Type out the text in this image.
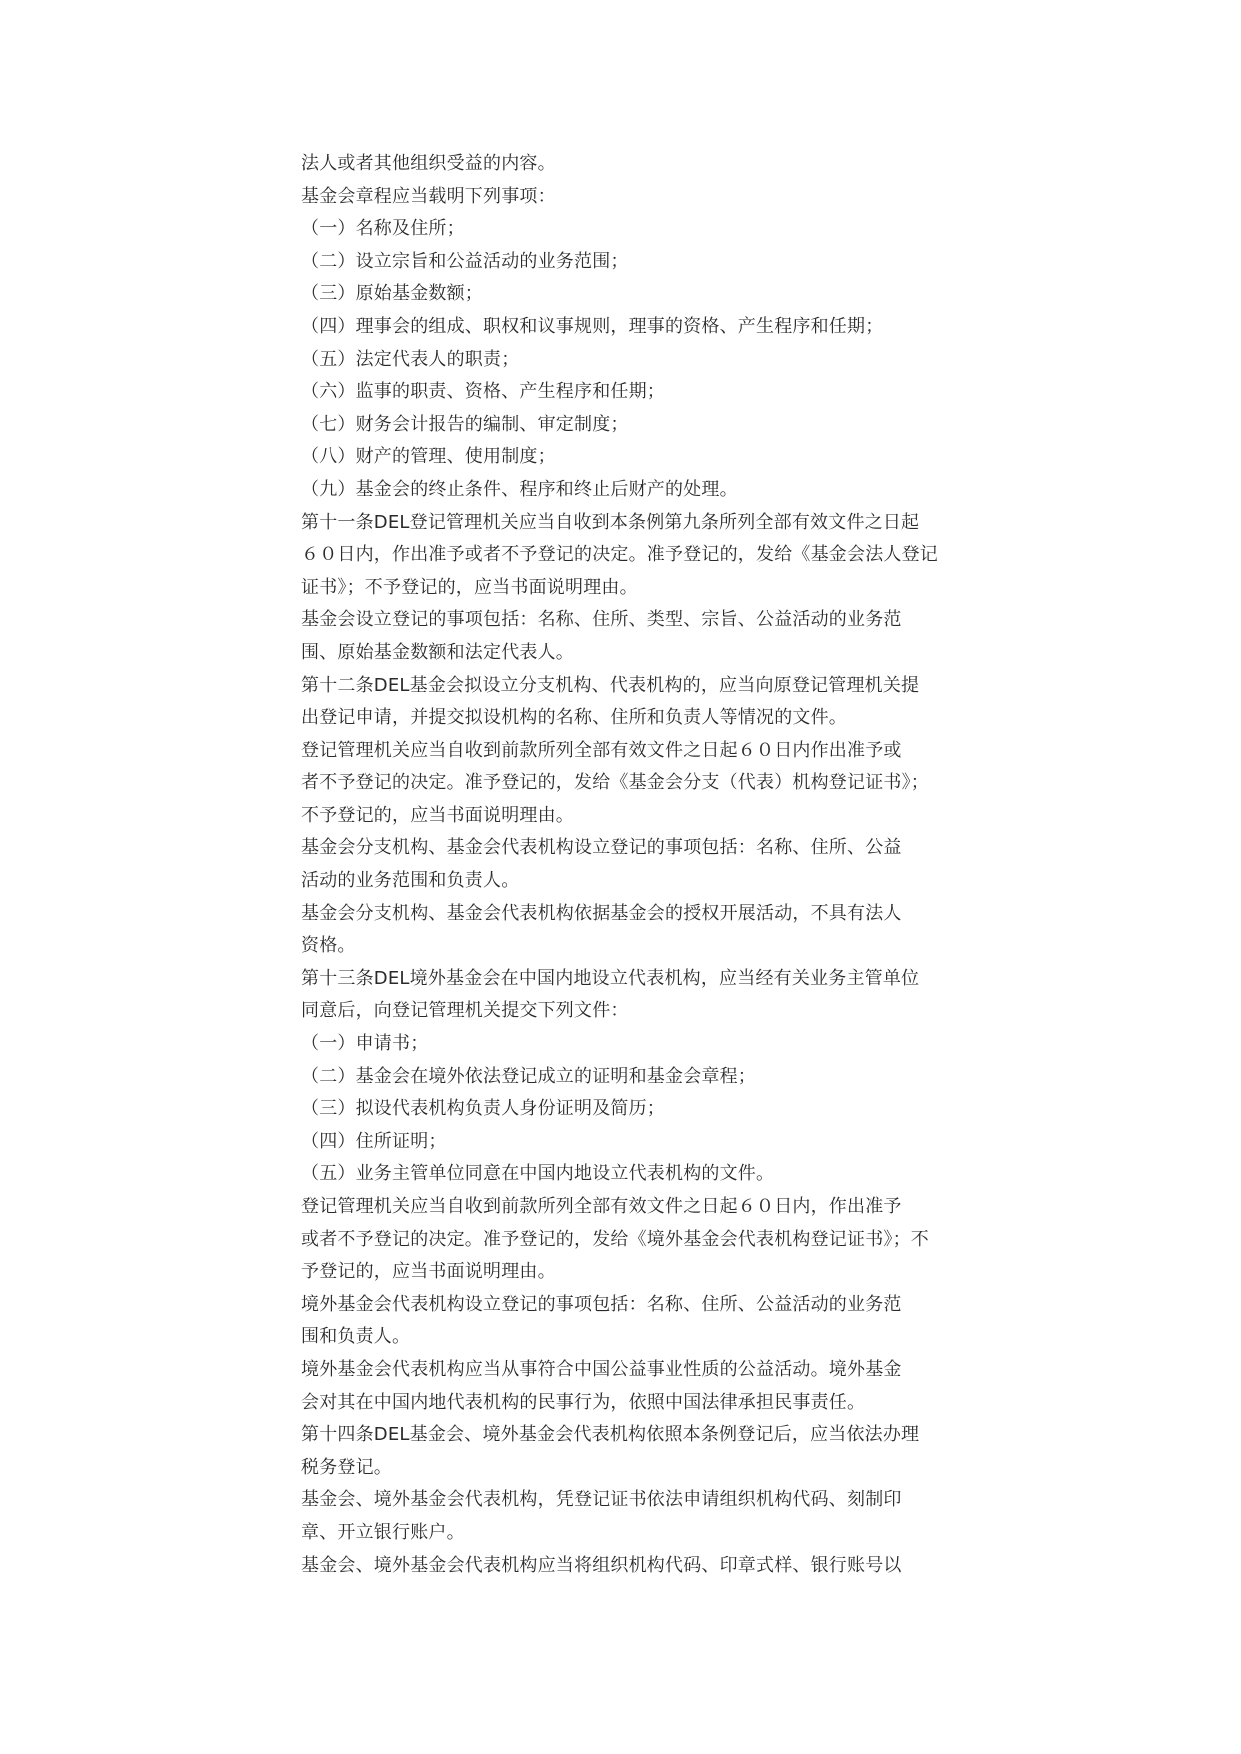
法人或者其他组织受益的内容。
基金会章程应当载明下列事项：
（一）名称及住所；
（二）设立宗旨和公益活动的业务范围；
（三）原始基金数额；
（四）理事会的组成、职权和议事规则，理事的资格、产生程序和任期；
（五）法定代表人的职责；
（六）监事的职责、资格、产生程序和任期；
（七）财务会计报告的编制、审定制度；
（八）财产的管理、使用制度；
（九）基金会的终止条件、程序和终止后财产的处理。
第十一条DEL登记管理机关应当自收到本条例第九条所列全部有效文件之日起
６０日内，作出准予或者不予登记的决定。准予登记的，发给《基金会法人登记
证书》；不予登记的，应当书面说明理由。
基金会设立登记的事项包括：名称、住所、类型、宗旨、公益活动的业务范
围、原始基金数额和法定代表人。
第十二条DEL基金会拟设立分支机构、代表机构的，应当向原登记管理机关提
出登记申请，并提交拟设机构的名称、住所和负责人等情况的文件。
登记管理机关应当自收到前款所列全部有效文件之日起６０日内作出准予或
者不予登记的决定。准予登记的，发给《基金会分支（代表）机构登记证书》；
不予登记的，应当书面说明理由。
基金会分支机构、基金会代表机构设立登记的事项包括：名称、住所、公益
活动的业务范围和负责人。
基金会分支机构、基金会代表机构依据基金会的授权开展活动，不具有法人
资格。
第十三条DEL境外基金会在中国内地设立代表机构，应当经有关业务主管单位
同意后，向登记管理机关提交下列文件：
（一）申请书；
（二）基金会在境外依法登记成立的证明和基金会章程；
（三）拟设代表机构负责人身份证明及简历；
（四）住所证明；
（五）业务主管单位同意在中国内地设立代表机构的文件。
登记管理机关应当自收到前款所列全部有效文件之日起６０日内，作出准予
或者不予登记的决定。准予登记的，发给《境外基金会代表机构登记证书》；不
予登记的，应当书面说明理由。
境外基金会代表机构设立登记的事项包括：名称、住所、公益活动的业务范
围和负责人。
境外基金会代表机构应当从事符合中国公益事业性质的公益活动。境外基金
会对其在中国内地代表机构的民事行为，依照中国法律承担民事责任。
第十四条DEL基金会、境外基金会代表机构依照本条例登记后，应当依法办理
税务登记。
基金会、境外基金会代表机构，凭登记证书依法申请组织机构代码、刻制印
章、开立银行账户。
基金会、境外基金会代表机构应当将组织机构代码、印章式样、银行账号以
